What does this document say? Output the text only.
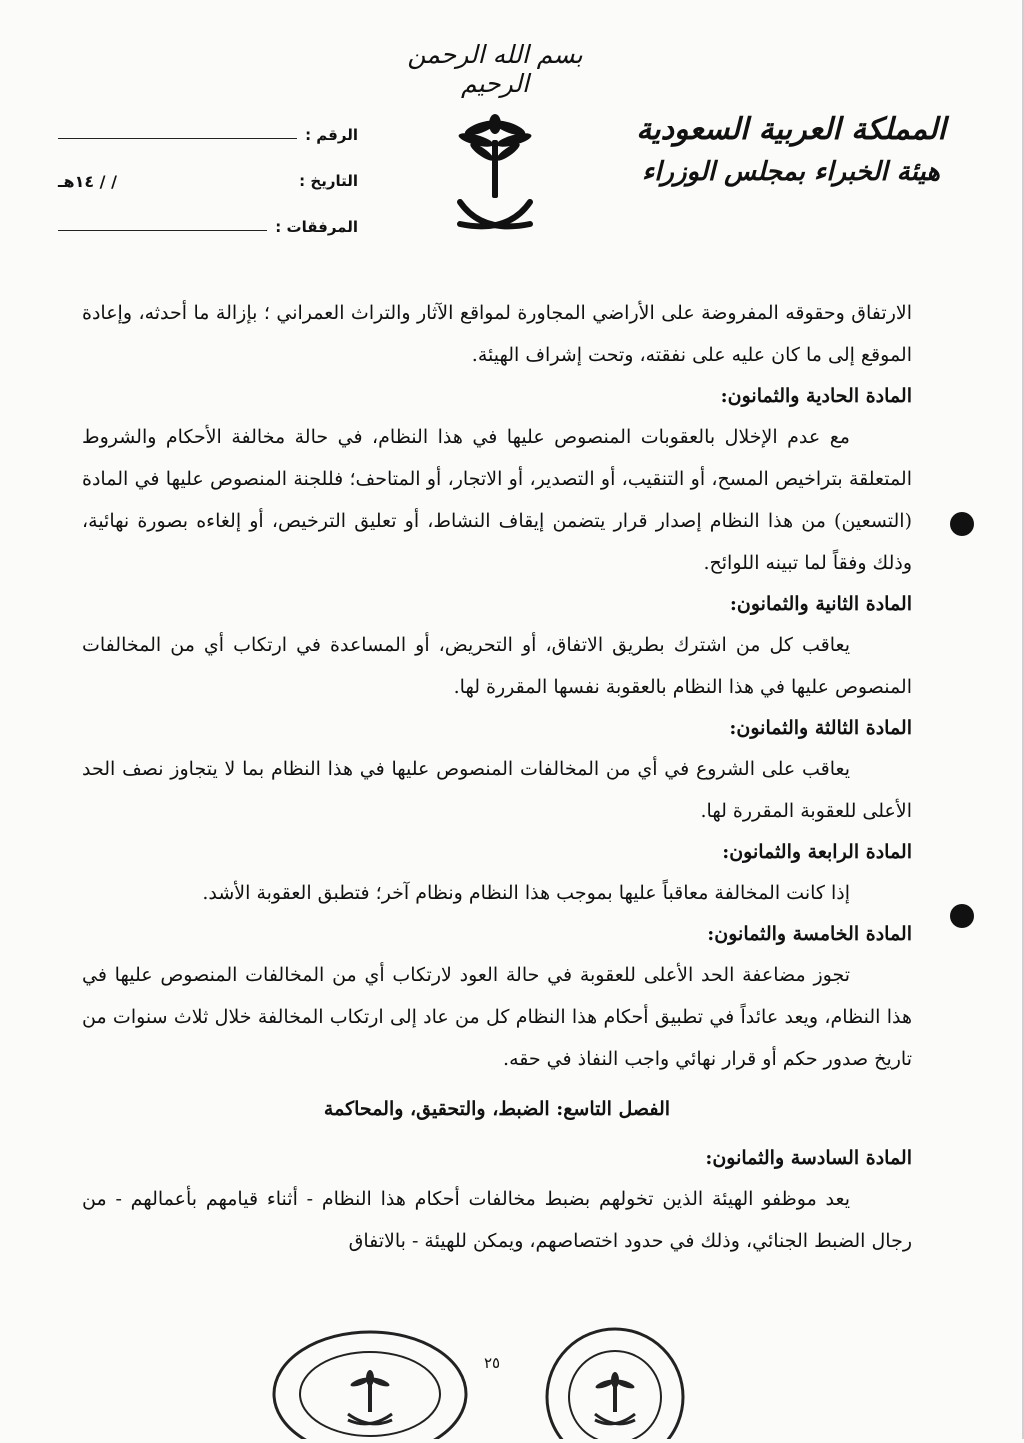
بسم الله الرحمن الرحيم
المملكة العربية السعودية
هيئة الخبراء بمجلس الوزراء
الرقم :
التاريخ :
/ / ١٤هـ
المرفقات :

الارتفاق وحقوقه المفروضة على الأراضي المجاورة لمواقع الآثار والتراث العمراني ؛ بإزالة ما أحدثه، وإعادة الموقع إلى ما كان عليه على نفقته، وتحت إشراف الهيئة.

المادة الحادية والثمانون:

مع عدم الإخلال بالعقوبات المنصوص عليها في هذا النظام، في حالة مخالفة الأحكام والشروط المتعلقة بتراخيص المسح، أو التنقيب، أو التصدير، أو الاتجار، أو المتاحف؛ فللجنة المنصوص عليها في المادة (التسعين) من هذا النظام إصدار قرار يتضمن إيقاف النشاط، أو تعليق الترخيص، أو إلغاءه بصورة نهائية، وذلك وفقاً لما تبينه اللوائح.

المادة الثانية والثمانون:

يعاقب كل من اشترك بطريق الاتفاق، أو التحريض، أو المساعدة في ارتكاب أي من المخالفات المنصوص عليها في هذا النظام بالعقوبة نفسها المقررة لها.

المادة الثالثة والثمانون:

يعاقب على الشروع في أي من المخالفات المنصوص عليها في هذا النظام بما لا يتجاوز نصف الحد الأعلى للعقوبة المقررة لها.

المادة الرابعة والثمانون:

إذا كانت المخالفة معاقباً عليها بموجب هذا النظام ونظام آخر؛ فتطبق العقوبة الأشد.

المادة الخامسة والثمانون:

تجوز مضاعفة الحد الأعلى للعقوبة في حالة العود لارتكاب أي من المخالفات المنصوص عليها في هذا النظام، ويعد عائداً في تطبيق أحكام هذا النظام كل من عاد إلى ارتكاب المخالفة خلال ثلاث سنوات من تاريخ صدور حكم أو قرار نهائي واجب النفاذ في حقه.

الفصل التاسع: الضبط، والتحقيق، والمحاكمة

المادة السادسة والثمانون:

يعد موظفو الهيئة الذين تخولهم بضبط مخالفات أحكام هذا النظام - أثناء قيامهم بأعمالهم - من رجال الضبط الجنائي، وذلك في حدود اختصاصهم، ويمكن للهيئة - بالاتفاق

٢٥
